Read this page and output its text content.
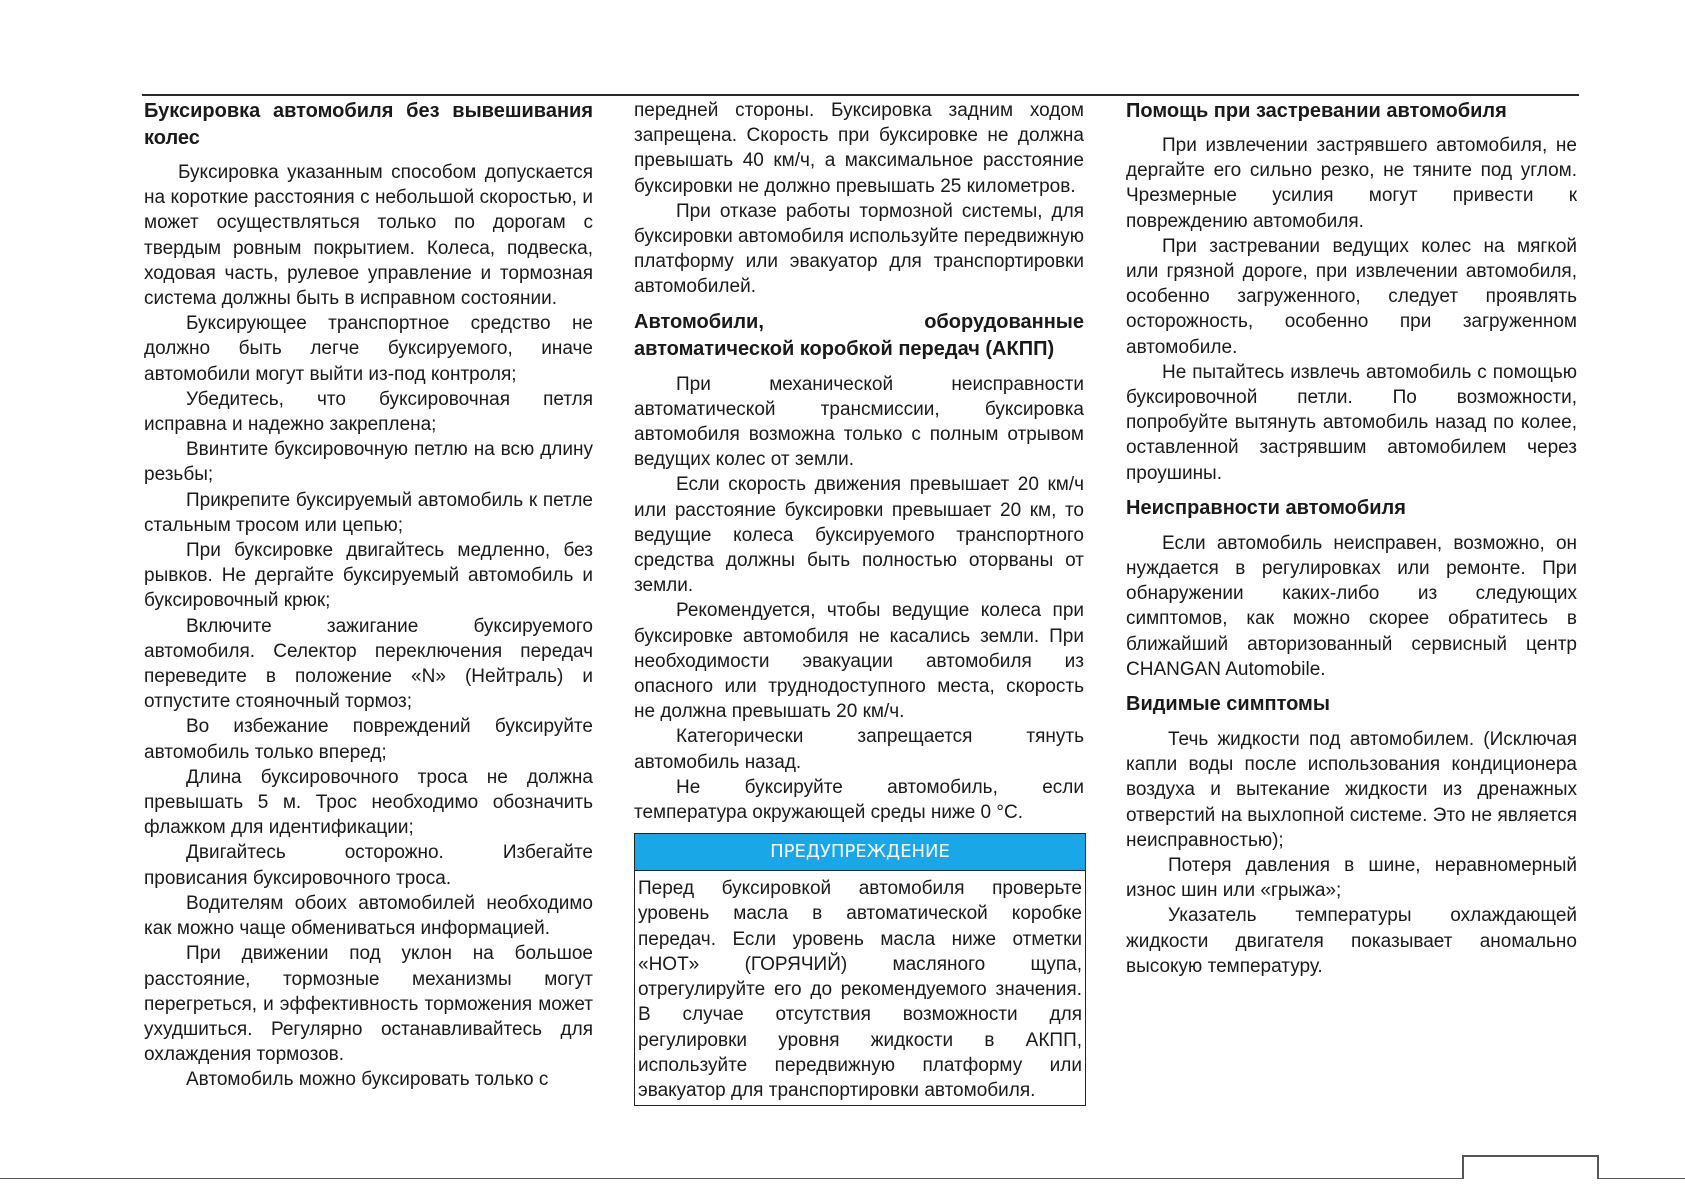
Буксировка автомобиля без вывешивания колес

Буксировка указанным способом допускается на короткие расстояния с небольшой скоростью, и может осуществляться только по дорогам с твердым ровным покрытием. Колеса, подвеска, ходовая часть, рулевое управление и тормозная система должны быть в исправном состоянии.

Буксирующее транспортное средство не должно быть легче буксируемого, иначе автомобили могут выйти из-под контроля;

Убедитесь, что буксировочная петля исправна и надежно закреплена;

Ввинтите буксировочную петлю на всю длину резьбы;

Прикрепите буксируемый автомобиль к петле стальным тросом или цепью;

При буксировке двигайтесь медленно, без рывков. Не дергайте буксируемый автомобиль и буксировочный крюк;

Включите зажигание буксируемого автомобиля. Селектор переключения передач переведите в положение «N» (Нейтраль) и отпустите стояночный тормоз;

Во избежание повреждений буксируйте автомобиль только вперед;

Длина буксировочного троса не должна превышать 5 м. Трос необходимо обозначить флажком для идентификации;

Двигайтесь осторожно. Избегайте провисания буксировочного троса.

Водителям обоих автомобилей необходимо как можно чаще обмениваться информацией.

При движении под уклон на большое расстояние, тормозные механизмы могут перегреться, и эффективность торможения может ухудшиться. Регулярно останавливайтесь для охлаждения тормозов.

Автомобиль можно буксировать только с

передней стороны. Буксировка задним ходом запрещена. Скорость при буксировке не должна превышать 40 км/ч, а максимальное расстояние буксировки не должно превышать 25 километров.

При отказе работы тормозной системы, для буксировки автомобиля используйте передвижную платформу или эвакуатор для транспортировки автомобилей.

Автомобили, оборудованные автоматической коробкой передач (АКПП)

При механической неисправности автоматической трансмиссии, буксировка автомобиля возможна только с полным отрывом ведущих колес от земли.

Если скорость движения превышает 20 км/ч или расстояние буксировки превышает 20 км, то ведущие колеса буксируемого транспортного средства должны быть полностью оторваны от земли.

Рекомендуется, чтобы ведущие колеса при буксировке автомобиля не касались земли. При необходимости эвакуации автомобиля из опасного или труднодоступного места, скорость не должна превышать 20 км/ч.

Категорически запрещается тянуть автомобиль назад.

Не буксируйте автомобиль, если температура окружающей среды ниже 0 °C.

ПРЕДУПРЕЖДЕНИЕ

Перед буксировкой автомобиля проверьте уровень масла в автоматической коробке передач. Если уровень масла ниже отметки «HOT» (ГОРЯЧИЙ) масляного щупа, отрегулируйте его до рекомендуемого значения. В случае отсутствия возможности для регулировки уровня жидкости в АКПП, используйте передвижную платформу или эвакуатор для транспортировки автомобиля.

Помощь при застревании автомобиля

При извлечении застрявшего автомобиля, не дергайте его сильно резко, не тяните под углом. Чрезмерные усилия могут привести к повреждению автомобиля.

При застревании ведущих колес на мягкой или грязной дороге, при извлечении автомобиля, особенно загруженного, следует проявлять осторожность, особенно при загруженном автомобиле.

Не пытайтесь извлечь автомобиль с помощью буксировочной петли. По возможности, попробуйте вытянуть автомобиль назад по колее, оставленной застрявшим автомобилем через проушины.

Неисправности автомобиля

Если автомобиль неисправен, возможно, он нуждается в регулировках или ремонте. При обнаружении каких-либо из следующих симптомов, как можно скорее обратитесь в ближайший авторизованный сервисный центр CHANGAN Automobile.

Видимые симптомы

Течь жидкости под автомобилем. (Исключая капли воды после использования кондиционера воздуха и вытекание жидкости из дренажных отверстий на выхлопной системе. Это не является неисправностью);

Потеря давления в шине, неравномерный износ шин или «грыжа»;

Указатель температуры охлаждающей жидкости двигателя показывает аномально высокую температуру.
